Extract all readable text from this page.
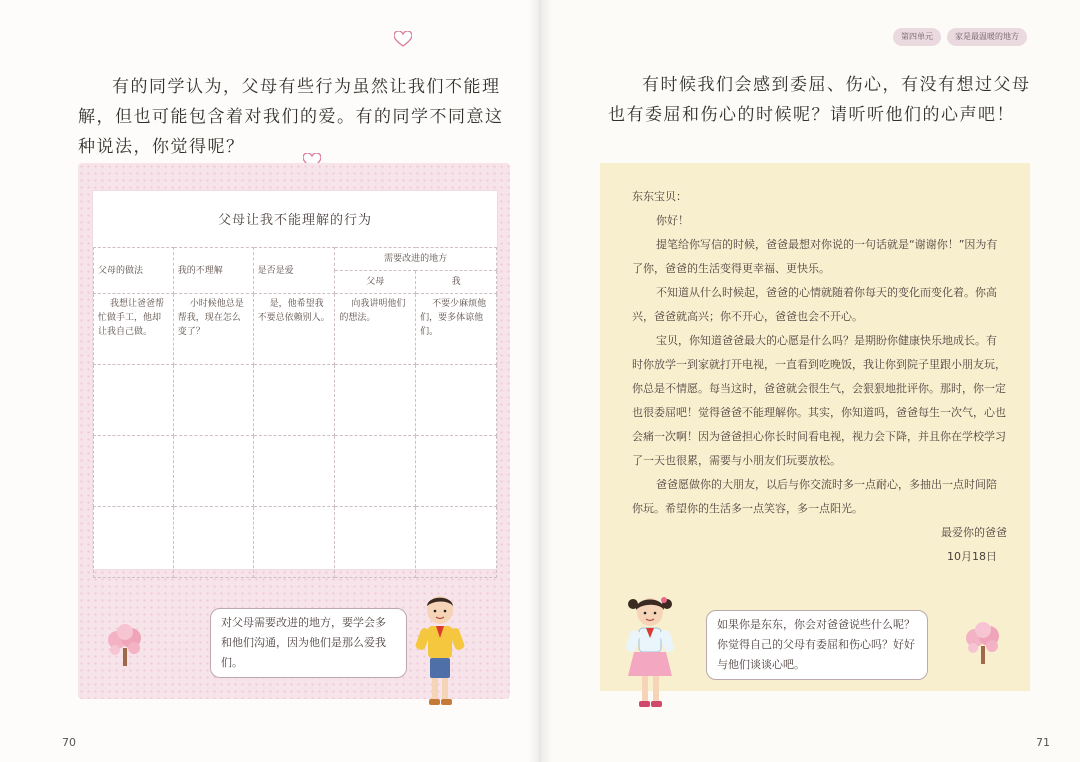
有的同学认为，父母有些行为虽然让我们不能理解，但也可能包含着对我们的爱。有的同学不同意这种说法，你觉得呢？
父母让我不能理解的行为
父母的做法	我的不理解	是否是爱	需要改进的地方	
			父母	我
我想让爸爸帮忙做手工，他却让我自己做。	小时候他总是帮我，现在怎么变了？	是，他希望我不要总依赖别人。	向我讲明他们的想法。	不要少麻烦他们，要多体谅他们。

对父母需要改进的地方，要学会多和他们沟通，因为他们是那么爱我们。
70
第四单元	家是最温暖的地方
有时候我们会感到委屈、伤心，有没有想过父母也有委屈和伤心的时候呢？请听听他们的心声吧！

东东宝贝：

你好！

提笔给你写信的时候，爸爸最想对你说的一句话就是“谢谢你！”因为有了你，爸爸的生活变得更幸福、更快乐。

不知道从什么时候起，爸爸的心情就随着你每天的变化而变化着。你高兴，爸爸就高兴；你不开心，爸爸也会不开心。

宝贝，你知道爸爸最大的心愿是什么吗？是期盼你健康快乐地成长。有时你放学一到家就打开电视，一直看到吃晚饭，我让你到院子里跟小朋友玩，你总是不情愿。每当这时，爸爸就会很生气，会狠狠地批评你。那时，你一定也很委屈吧！觉得爸爸不能理解你。其实，你知道吗，爸爸每生一次气，心也会痛一次啊！因为爸爸担心你长时间看电视，视力会下降，并且你在学校学习了一天也很累，需要与小朋友们玩要放松。

爸爸愿做你的大朋友，以后与你交流时多一点耐心，多抽出一点时间陪你玩。希望你的生活多一点笑容，多一点阳光。

最爱你的爸爸

10月18日

如果你是东东，你会对爸爸说些什么呢？你觉得自己的父母有委屈和伤心吗？好好与他们谈谈心吧。
71
